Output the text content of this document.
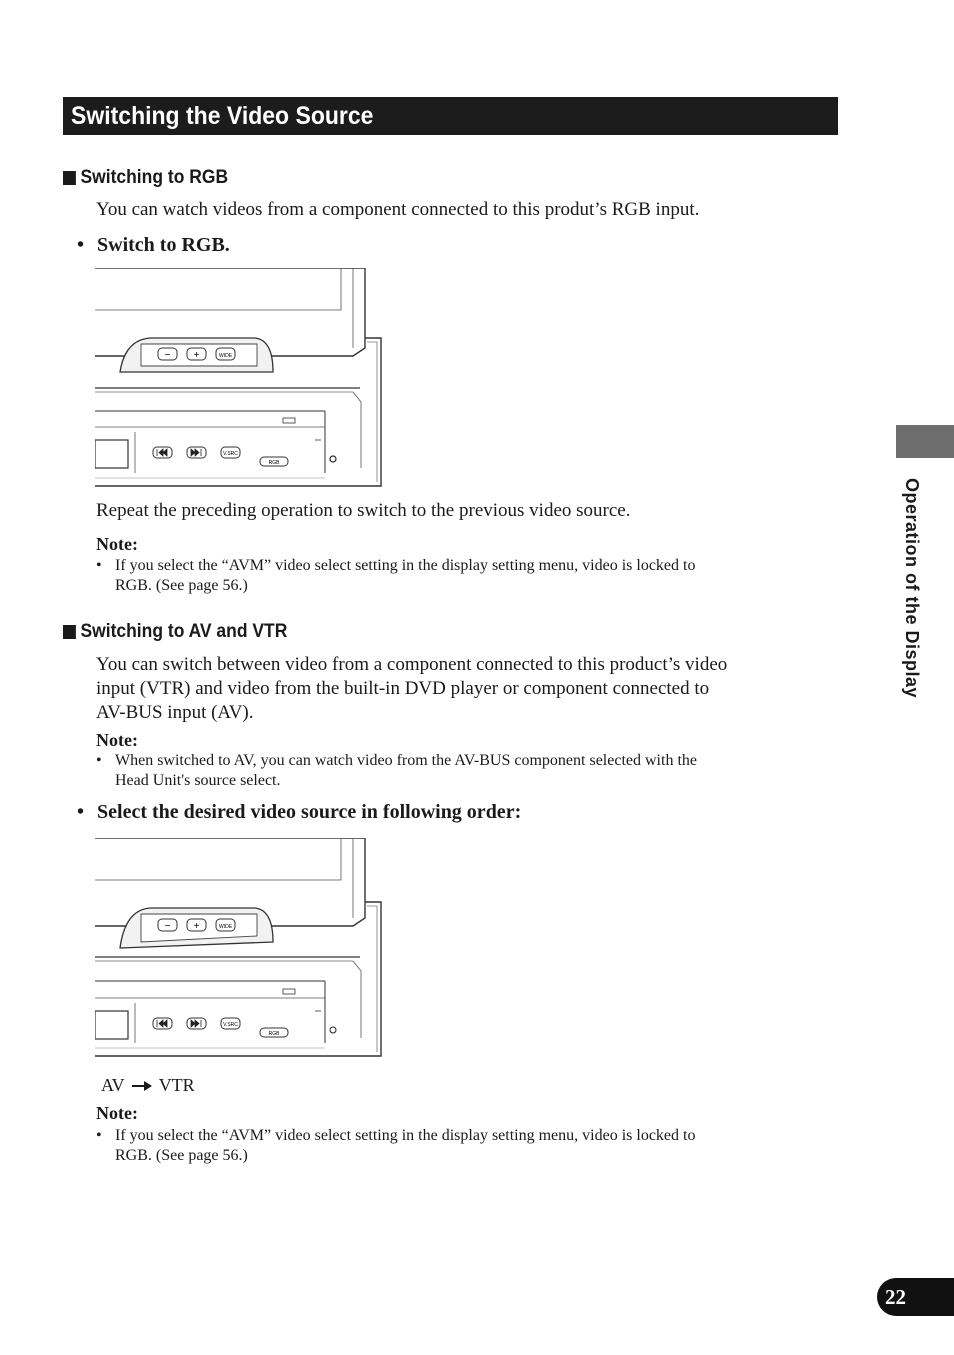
Switching the Video Source
Switching to RGB
You can watch videos from a component connected to this produt’s RGB input.
• Switch to RGB.
− +	WIDE
V.SRC
RGB
Repeat the preceding operation to switch to the previous video source.
Note:
• If you select the “AVM” video select setting in the display setting menu, video is locked to
RGB. (See page 56.)
Switching to AV and VTR
You can switch between video from a component connected to this product’s video
input (VTR) and video from the built-in DVD player or component connected to
AV-BUS input (AV).
Note:
• When switched to AV, you can watch video from the AV-BUS component selected with the
Head Unit's source select.
• Select the desired video source in following order:
− +	WIDE
V.SRC
RGB
AV VTR
Note:
• If you select the “AVM” video select setting in the display setting menu, video is locked to
RGB. (See page 56.)
Operation of the Display
22
